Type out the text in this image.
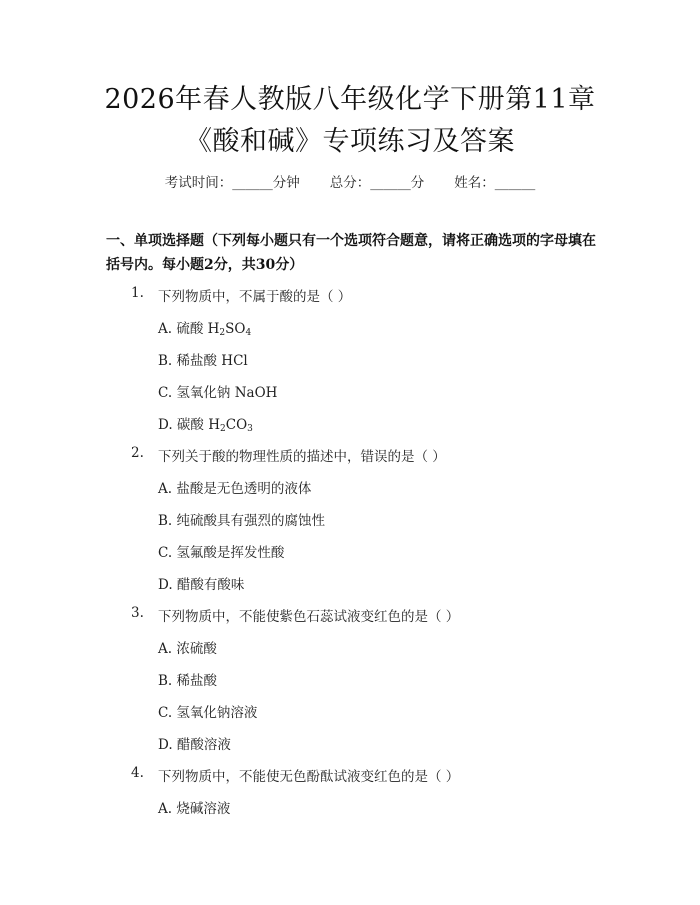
2026年春人教版八年级化学下册第11章
《酸和碱》专项练习及答案
考试时间：______分钟 总分：______分 姓名：______
一、单项选择题（下列每小题只有一个选项符合题意，请将正确选项的字母填在括号内。每小题2分，共30分）
1. 下列物质中，不属于酸的是（ ）
A. 硫酸 $H_2SO_4$
B. 稀盐酸 HCl
C. 氢氧化钠 NaOH
D. 碳酸 $H_2CO_3$
2. 下列关于酸的物理性质的描述中，错误的是（ ）
A. 盐酸是无色透明的液体
B. 纯硫酸具有强烈的腐蚀性
C. 氢氟酸是挥发性酸
D. 醋酸有酸味
3. 下列物质中，不能使紫色石蕊试液变红色的是（ ）
A. 浓硫酸
B. 稀盐酸
C. 氢氧化钠溶液
D. 醋酸溶液
4. 下列物质中，不能使无色酚酞试液变红色的是（ ）
A. 烧碱溶液
